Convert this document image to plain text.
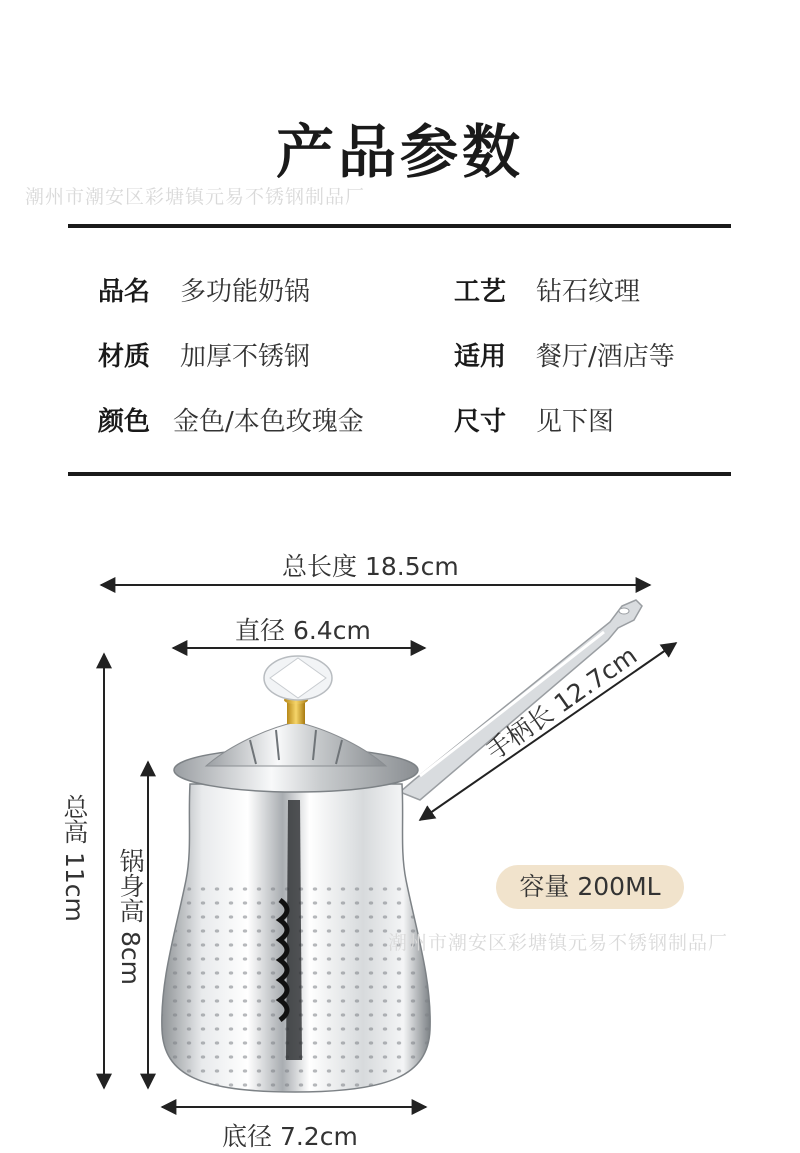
产品参数
潮州市潮安区彩塘镇元易不锈钢制品厂
品名 多功能奶锅	工艺 钻石纹理
材质 加厚不锈钢	适用 餐厅/酒店等
颜色 金色/本色玫瑰金	尺寸 见下图
总长度 18.5cm
直径 6.4cm
手柄长 12.7cm
总高 11cm 锅身高 8cm
底径 7.2cm
容量 200ML
潮州市潮安区彩塘镇元易不锈钢制品厂
